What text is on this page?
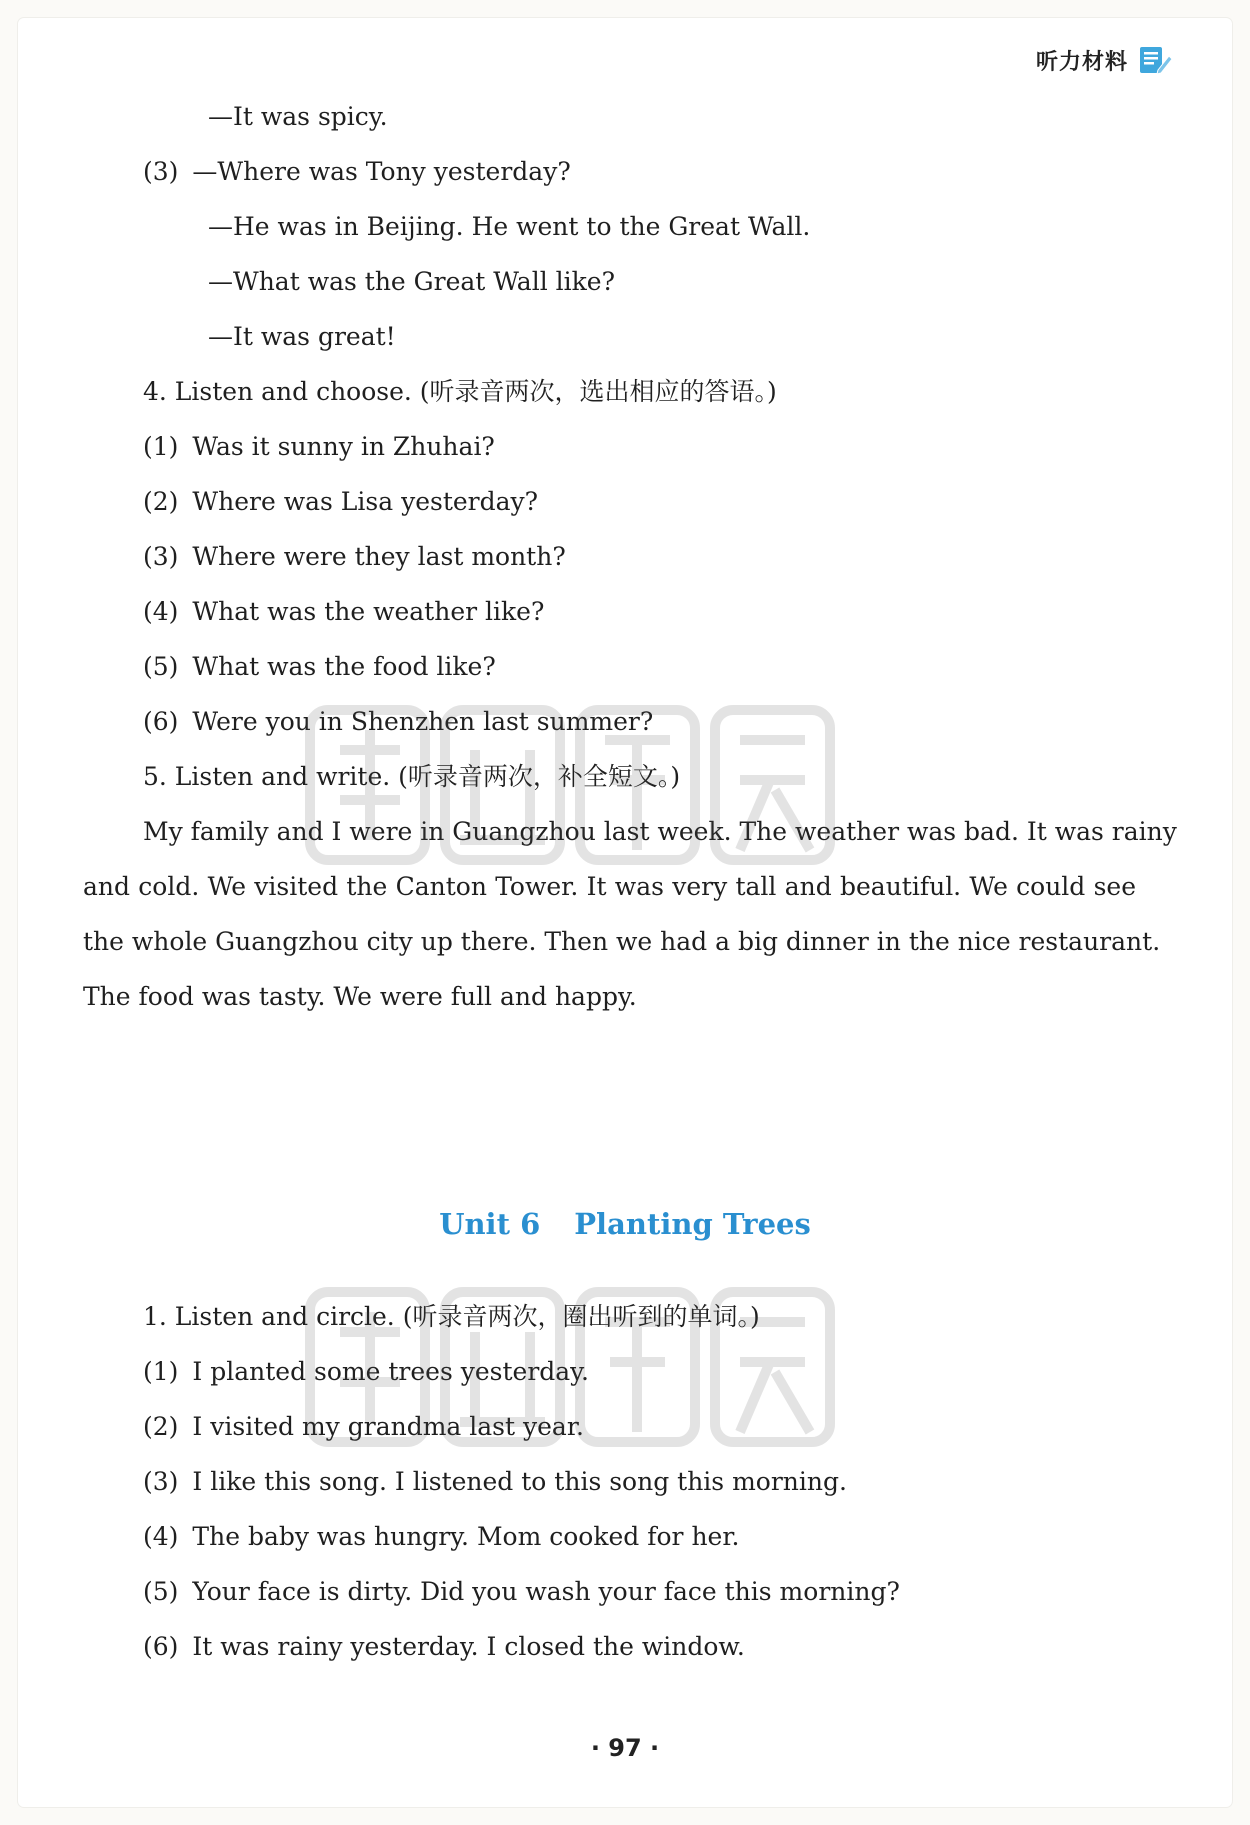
听力材料
—It was spicy.
(3) —Where was Tony yesterday?
—He was in Beijing. He went to the Great Wall.
—What was the Great Wall like?
—It was great!
4. Listen and choose. (听录音两次，选出相应的答语。)
(1) Was it sunny in Zhuhai?
(2) Where was Lisa yesterday?
(3) Where were they last month?
(4) What was the weather like?
(5) What was the food like?
(6) Were you in Shenzhen last summer?
5. Listen and write. (听录音两次，补全短文。)
My family and I were in Guangzhou last week. The weather was bad. It was rainy
and cold. We visited the Canton Tower. It was very tall and beautiful. We could see
the whole Guangzhou city up there. Then we had a big dinner in the nice restaurant.
The food was tasty. We were full and happy.
Unit 6 Planting Trees
1. Listen and circle. (听录音两次，圈出听到的单词。)
(1) I planted some trees yesterday.
(2) I visited my grandma last year.
(3) I like this song. I listened to this song this morning.
(4) The baby was hungry. Mom cooked for her.
(5) Your face is dirty. Did you wash your face this morning?
(6) It was rainy yesterday. I closed the window.
· 97 ·
